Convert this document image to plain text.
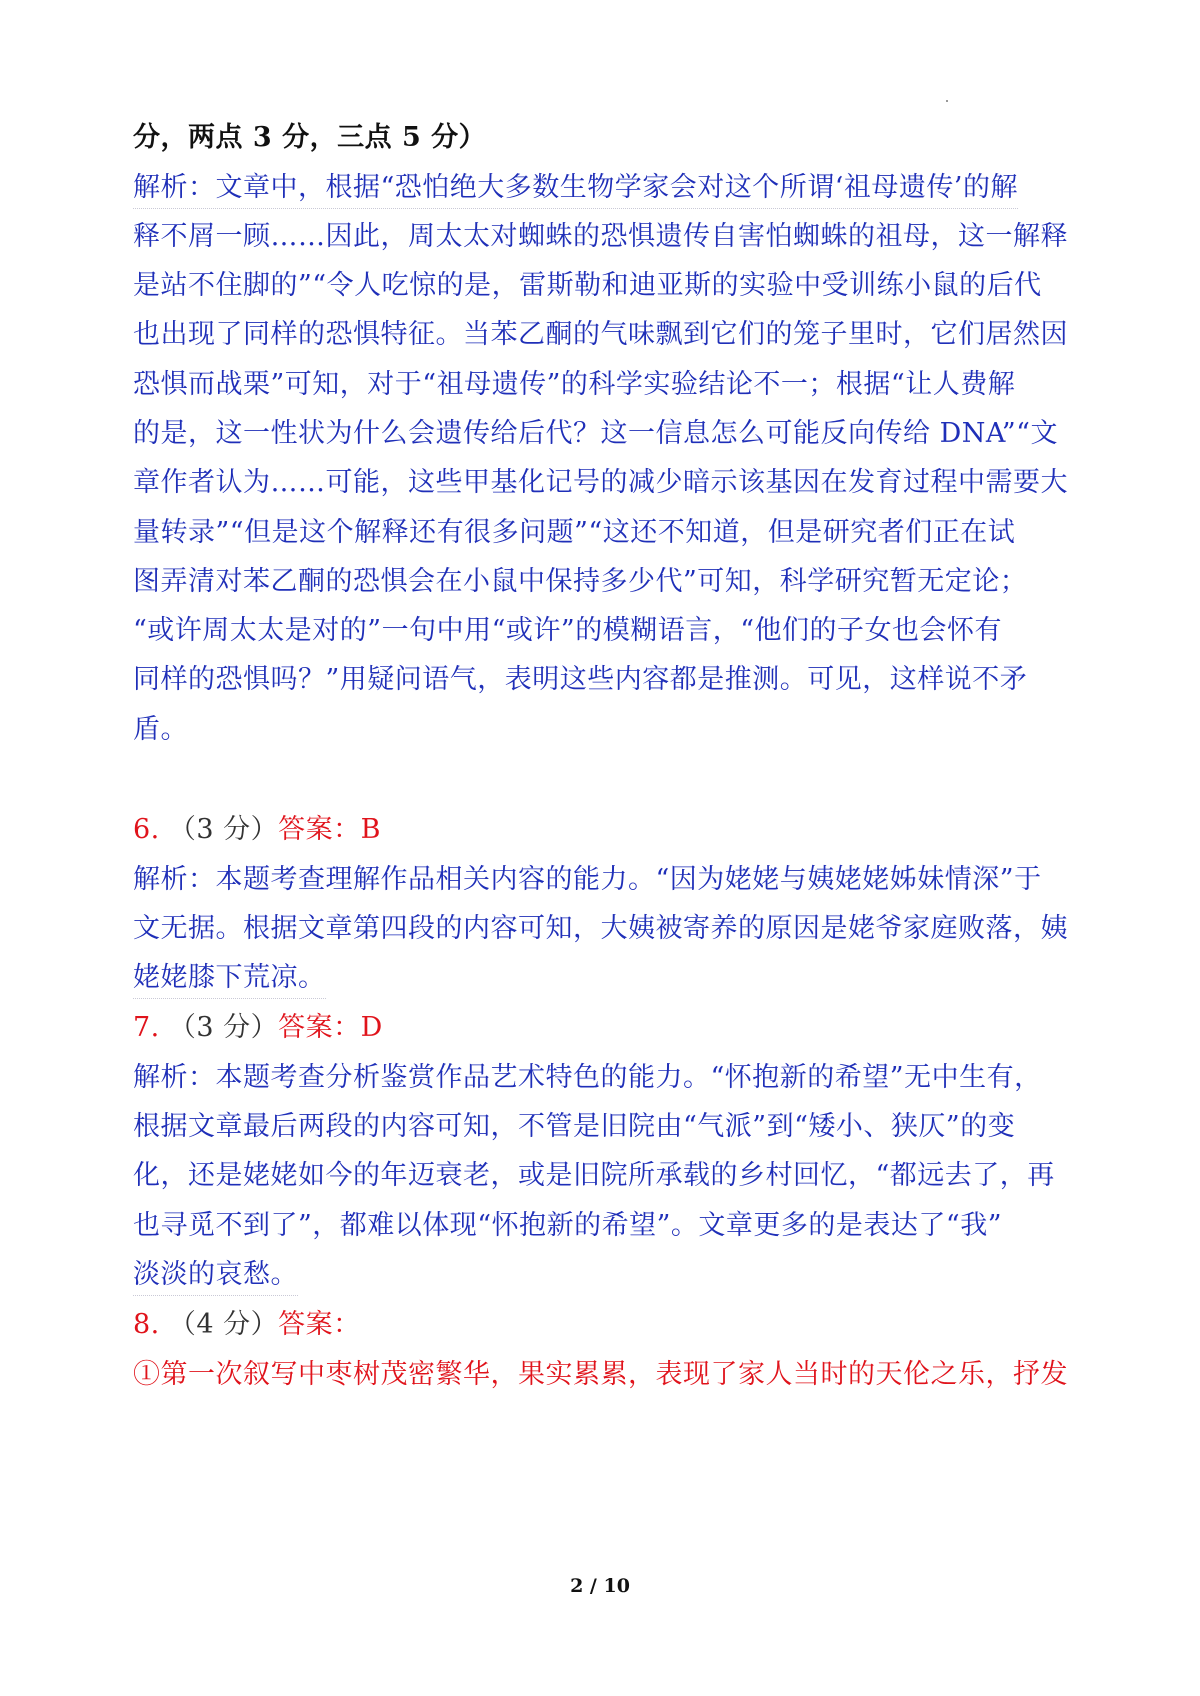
分，两点 3 分，三点 5 分）
解析：文章中，根据“恐怕绝大多数生物学家会对这个所谓‘祖母遗传’的解
释不屑一顾……因此，周太太对蜘蛛的恐惧遗传自害怕蜘蛛的祖母，这一解释
是站不住脚的”“令人吃惊的是，雷斯勒和迪亚斯的实验中受训练小鼠的后代
也出现了同样的恐惧特征。当苯乙酮的气味飘到它们的笼子里时，它们居然因
恐惧而战栗”可知，对于“祖母遗传”的科学实验结论不一；根据“让人费解
的是，这一性状为什么会遗传给后代？这一信息怎么可能反向传给 DNA”“文
章作者认为……可能，这些甲基化记号的减少暗示该基因在发育过程中需要大
量转录”“但是这个解释还有很多问题”“这还不知道，但是研究者们正在试
图弄清对苯乙酮的恐惧会在小鼠中保持多少代”可知，科学研究暂无定论；
“或许周太太是对的”一句中用“或许”的模糊语言，“他们的子女也会怀有
同样的恐惧吗？”用疑问语气，表明这些内容都是推测。可见，这样说不矛
盾。
6. （3 分）答案：B
解析：本题考查理解作品相关内容的能力。“因为姥姥与姨姥姥姊妹情深”于
文无据。根据文章第四段的内容可知，大姨被寄养的原因是姥爷家庭败落，姨
姥姥膝下荒凉。
7. （3 分）答案：D
解析：本题考查分析鉴赏作品艺术特色的能力。“怀抱新的希望”无中生有，
根据文章最后两段的内容可知，不管是旧院由“气派”到“矮小、狭仄”的变
化，还是姥姥如今的年迈衰老，或是旧院所承载的乡村回忆，“都远去了，再
也寻觅不到了”，都难以体现“怀抱新的希望”。文章更多的是表达了“我”
淡淡的哀愁。
8. （4 分）答案：
①第一次叙写中枣树茂密繁华，果实累累，表现了家人当时的天伦之乐，抒发
2 / 10
